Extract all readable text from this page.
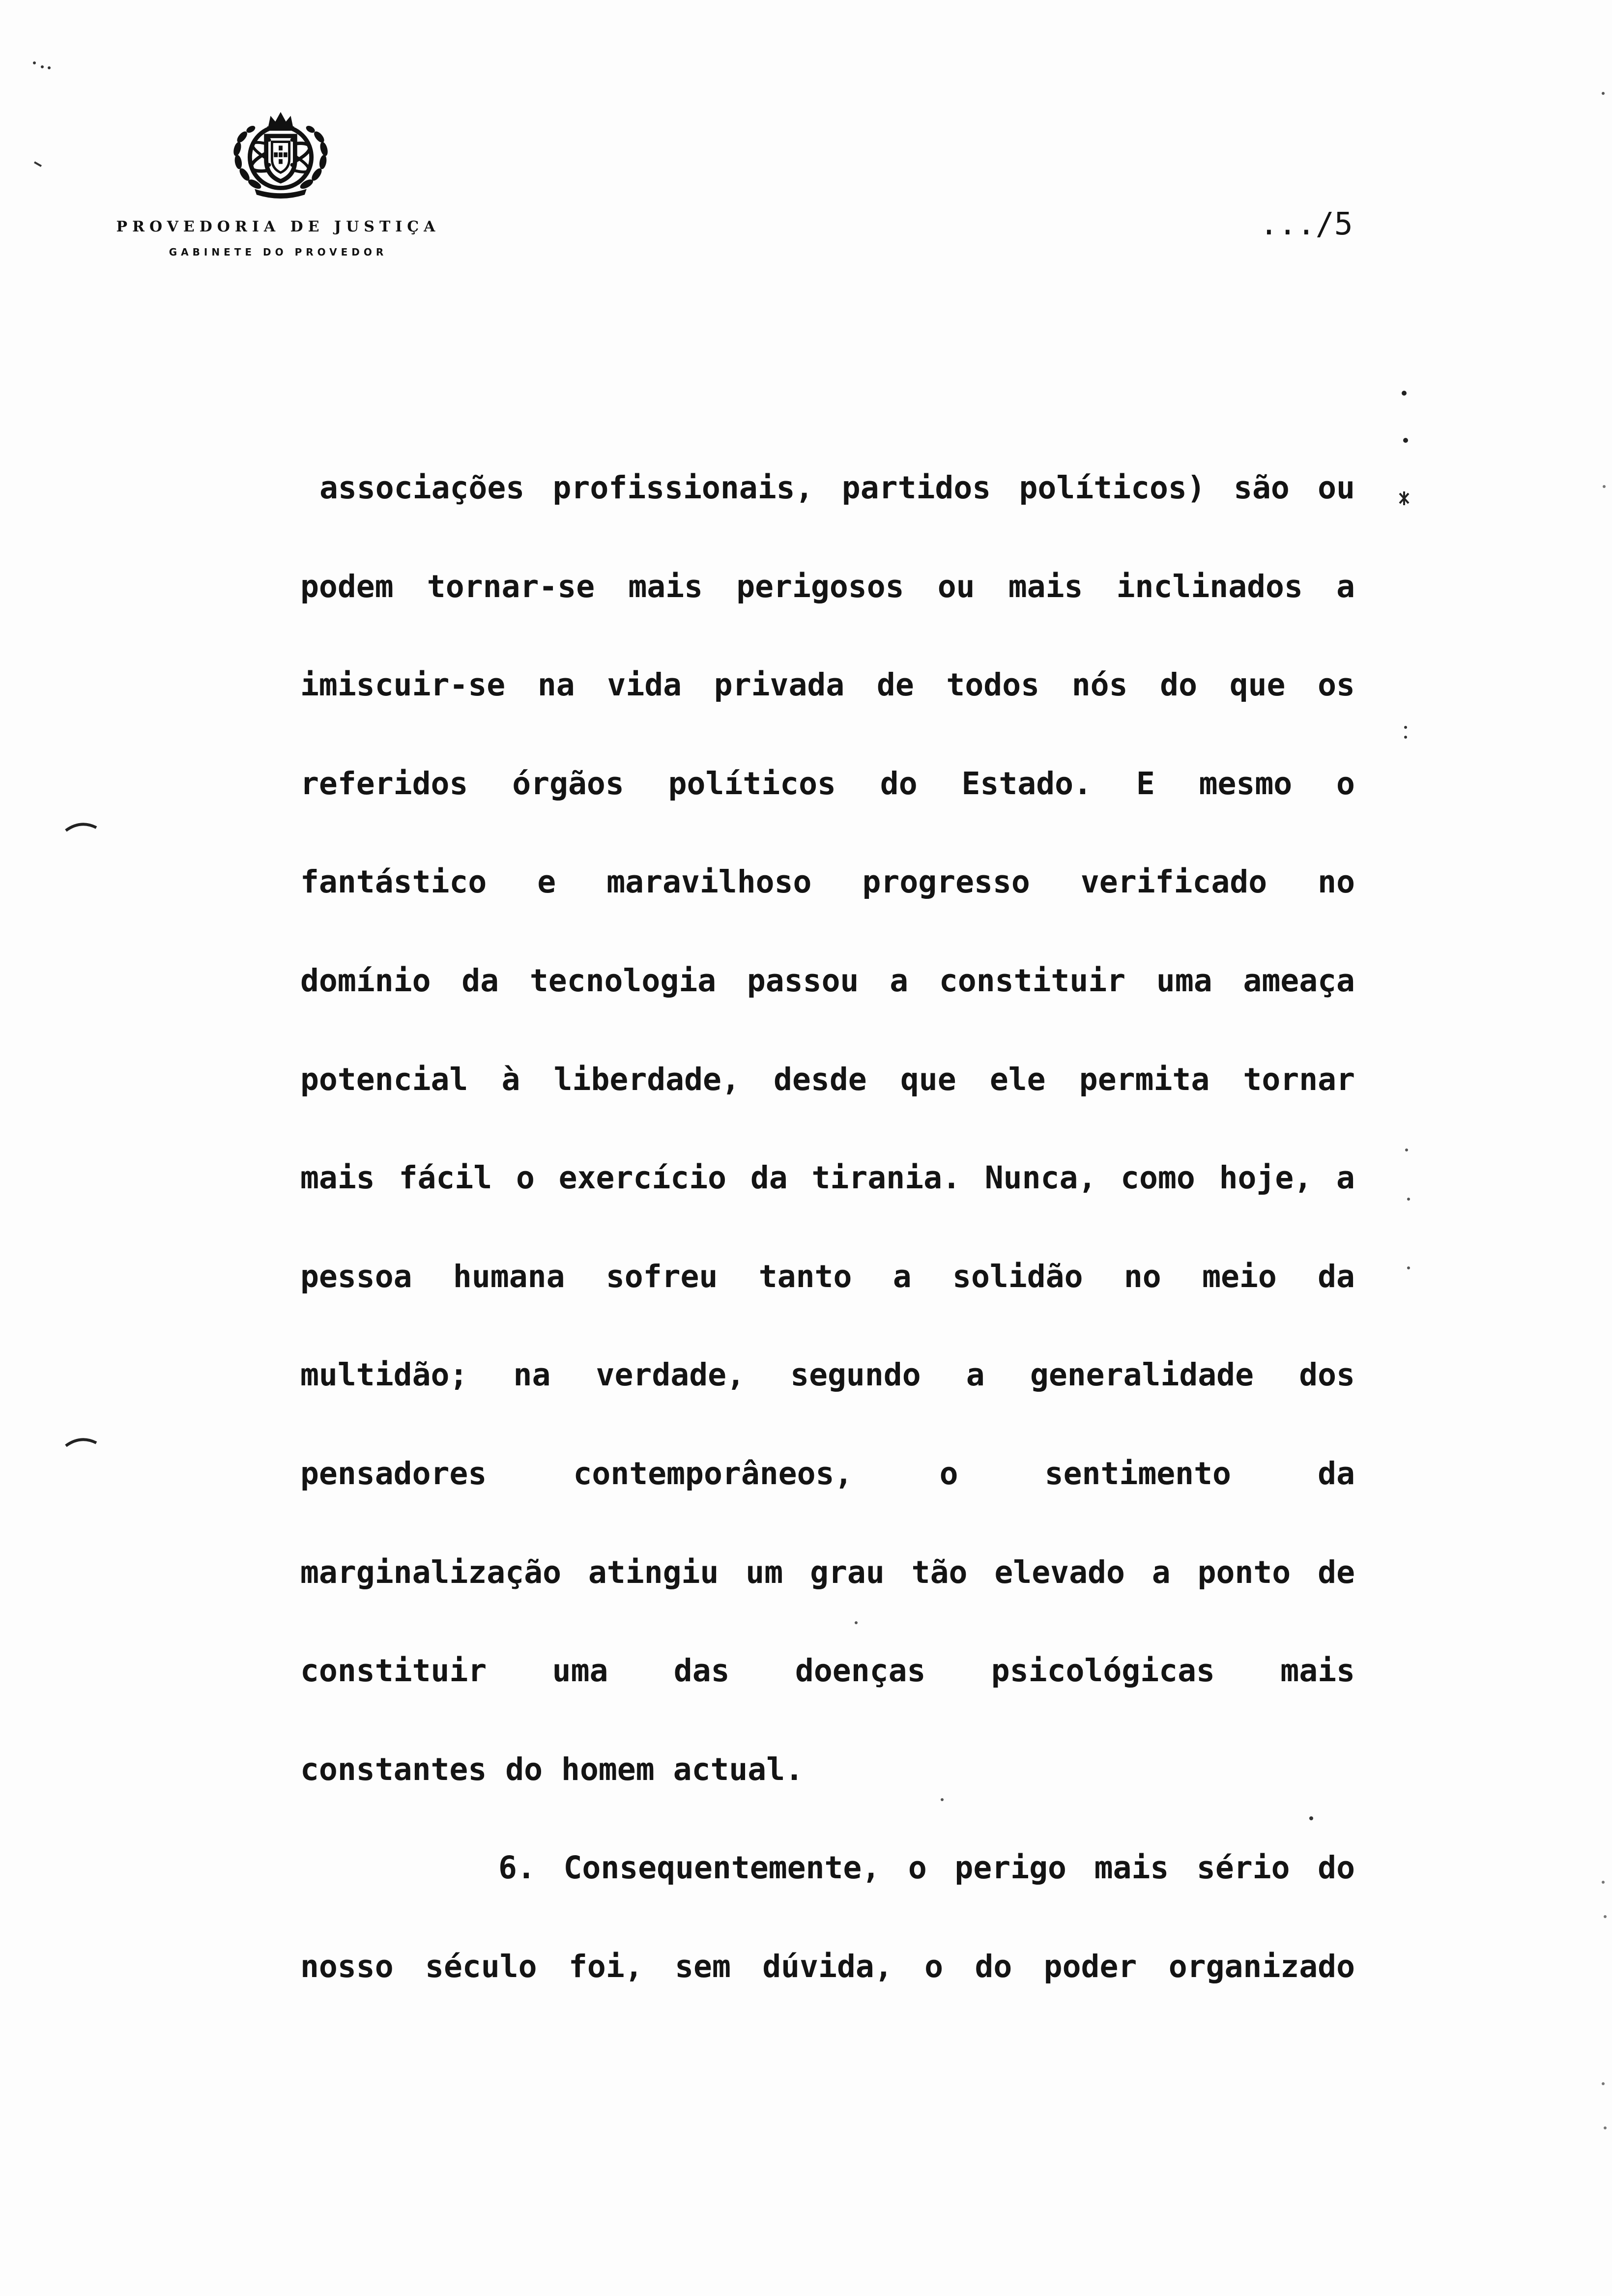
PROVEDORIA DE JUSTIÇA
GABINETE DO PROVEDOR
.../5
associações profissionais, partidos políticos) são ou
podem tornar-se mais perigosos ou mais inclinados a
imiscuir-se na vida privada de todos nós do que os
referidos órgãos políticos do Estado. E mesmo o
fantástico e maravilhoso progresso verificado no
domínio da tecnologia passou a constituir uma ameaça
potencial à liberdade, desde que ele permita tornar
mais fácil o exercício da tirania. Nunca, como hoje, a
pessoa humana sofreu tanto a solidão no meio da
multidão; na verdade, segundo a generalidade dos
pensadores contemporâneos, o sentimento da
marginalização atingiu um grau tão elevado a ponto de
constituir uma das doenças psicológicas mais
constantes do homem actual.
6. Consequentemente, o perigo mais sério do
nosso século foi, sem dúvida, o do poder organizado
